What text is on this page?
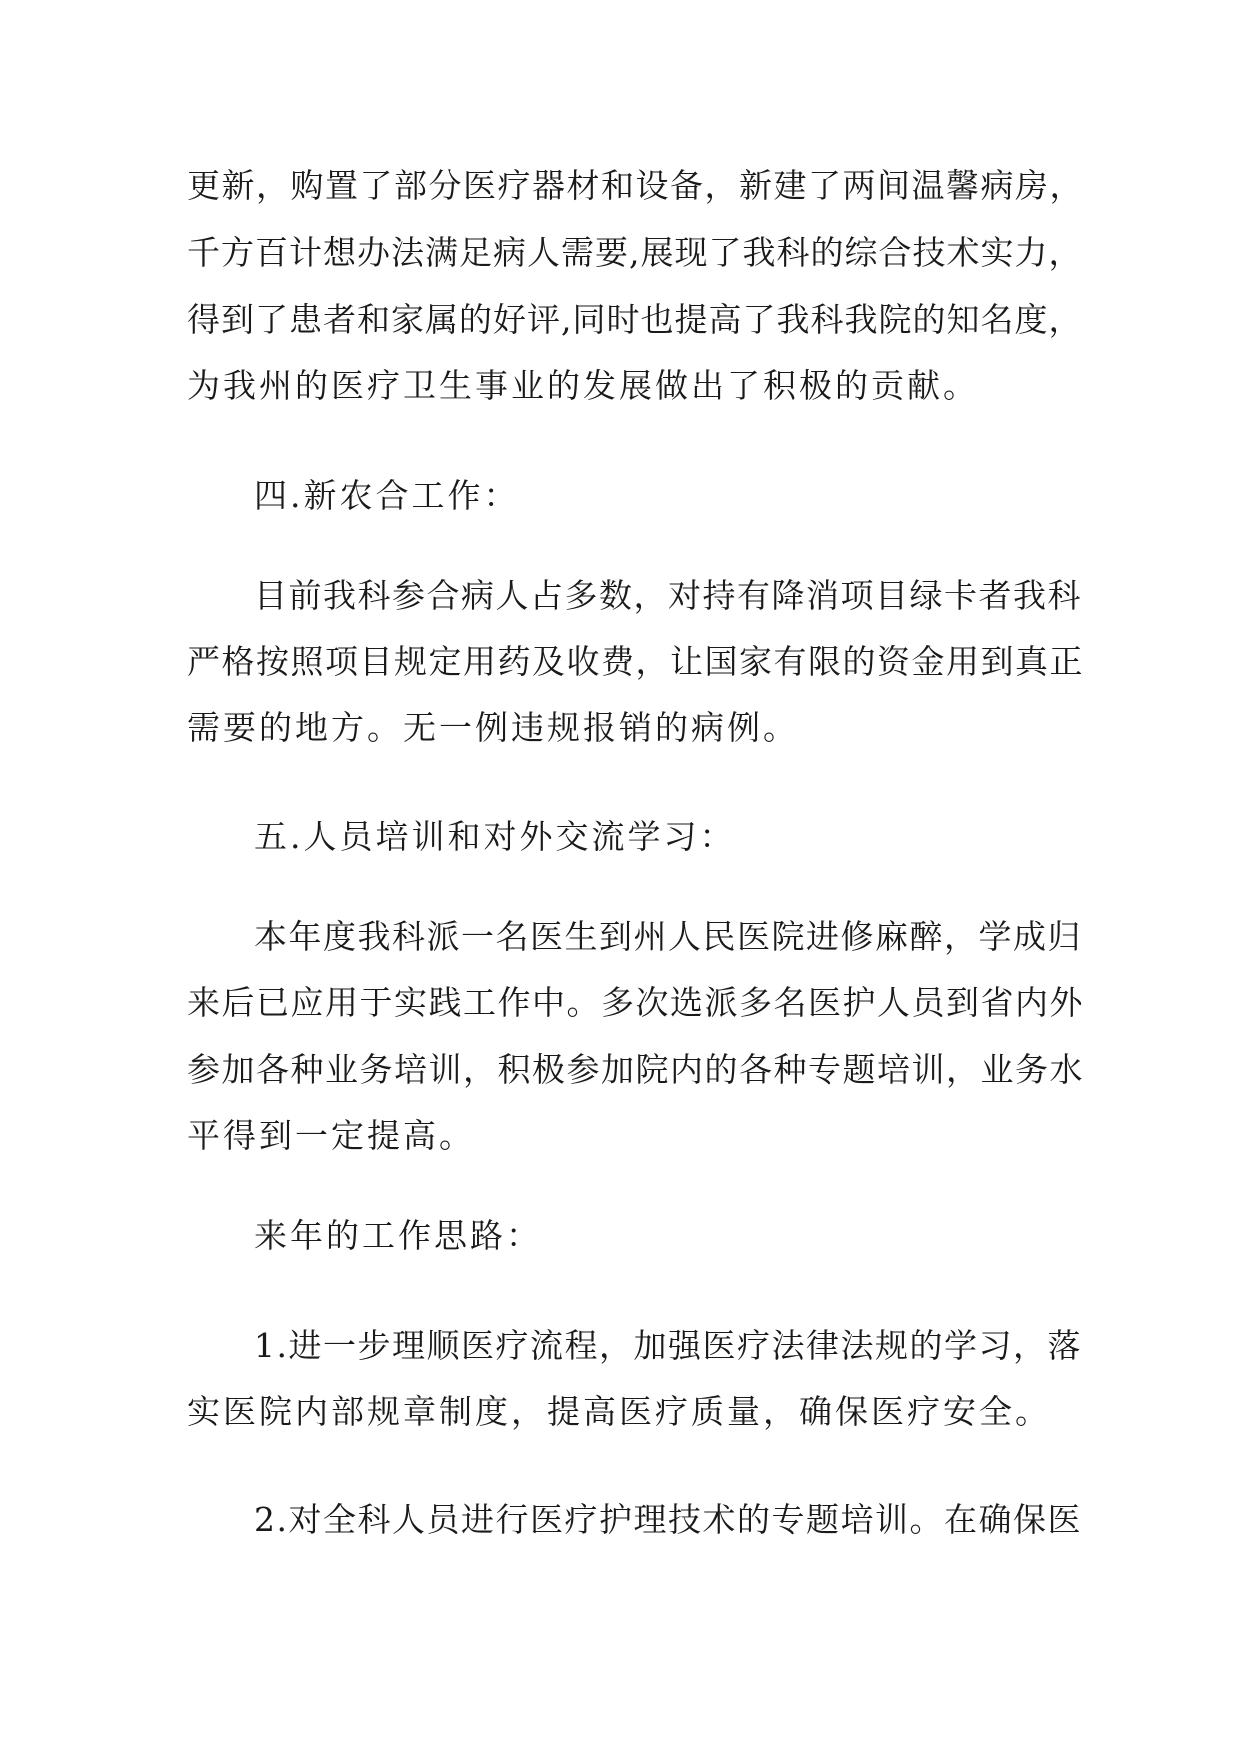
更新，购置了部分医疗器材和设备，新建了两间温馨病房，
千方百计想办法满足病人需要,展现了我科的综合技术实力，
得到了患者和家属的好评,同时也提高了我科我院的知名度，
为我州的医疗卫生事业的发展做出了积极的贡献。
四.新农合工作：
目前我科参合病人占多数，对持有降消项目绿卡者我科
严格按照项目规定用药及收费，让国家有限的资金用到真正
需要的地方。无一例违规报销的病例。
五.人员培训和对外交流学习：
本年度我科派一名医生到州人民医院进修麻醉，学成归
来后已应用于实践工作中。多次选派多名医护人员到省内外
参加各种业务培训，积极参加院内的各种专题培训，业务水
平得到一定提高。
来年的工作思路：
1.进一步理顺医疗流程，加强医疗法律法规的学习，落
实医院内部规章制度，提高医疗质量，确保医疗安全。
2.对全科人员进行医疗护理技术的专题培训。在确保医
